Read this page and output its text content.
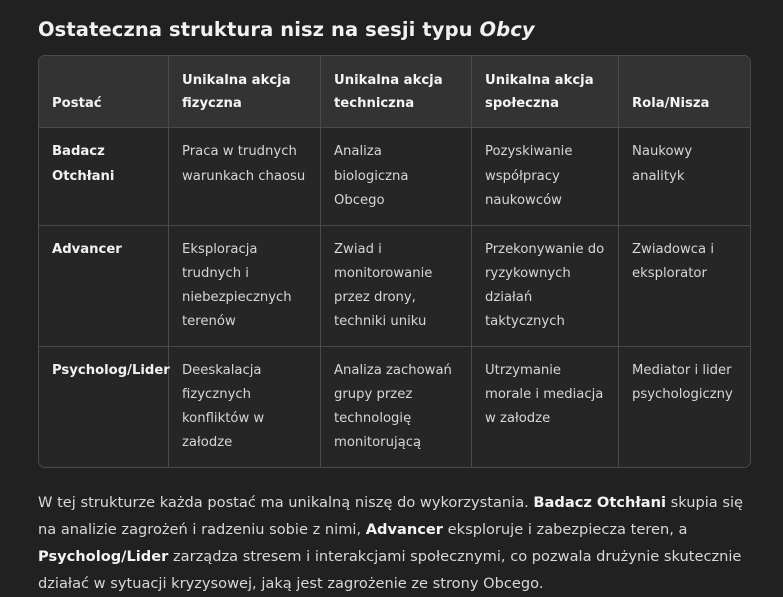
Ostateczna struktura nisz na sesji typu Obcy
Postać	Unikalna akcja fizyczna	Unikalna akcja techniczna	Unikalna akcja społeczna	Rola/Nisza
Badacz Otchłani	Praca w trudnych warunkach chaosu	Analiza biologiczna Obcego	Pozyskiwanie współpracy naukowców	Naukowy analityk
Advancer	Eksploracja trudnych i niebezpiecznych terenów	Zwiad i monitorowanie przez drony, techniki uniku	Przekonywanie do ryzykownych działań taktycznych	Zwiadowca i eksplorator
Psycholog/Lider	Deeskalacja fizycznych konfliktów w załodze	Analiza zachowań grupy przez technologię monitorującą	Utrzymanie morale i mediacja w załodze	Mediator i lider psychologiczny

W tej strukturze każda postać ma unikalną niszę do wykorzystania. Badacz Otchłani skupia się na analizie zagrożeń i radzeniu sobie z nimi, Advancer eksploruje i zabezpiecza teren, a Psycholog/Lider zarządza stresem i interakcjami społecznymi, co pozwala drużynie skutecznie działać w sytuacji kryzysowej, jaką jest zagrożenie ze strony Obcego.
